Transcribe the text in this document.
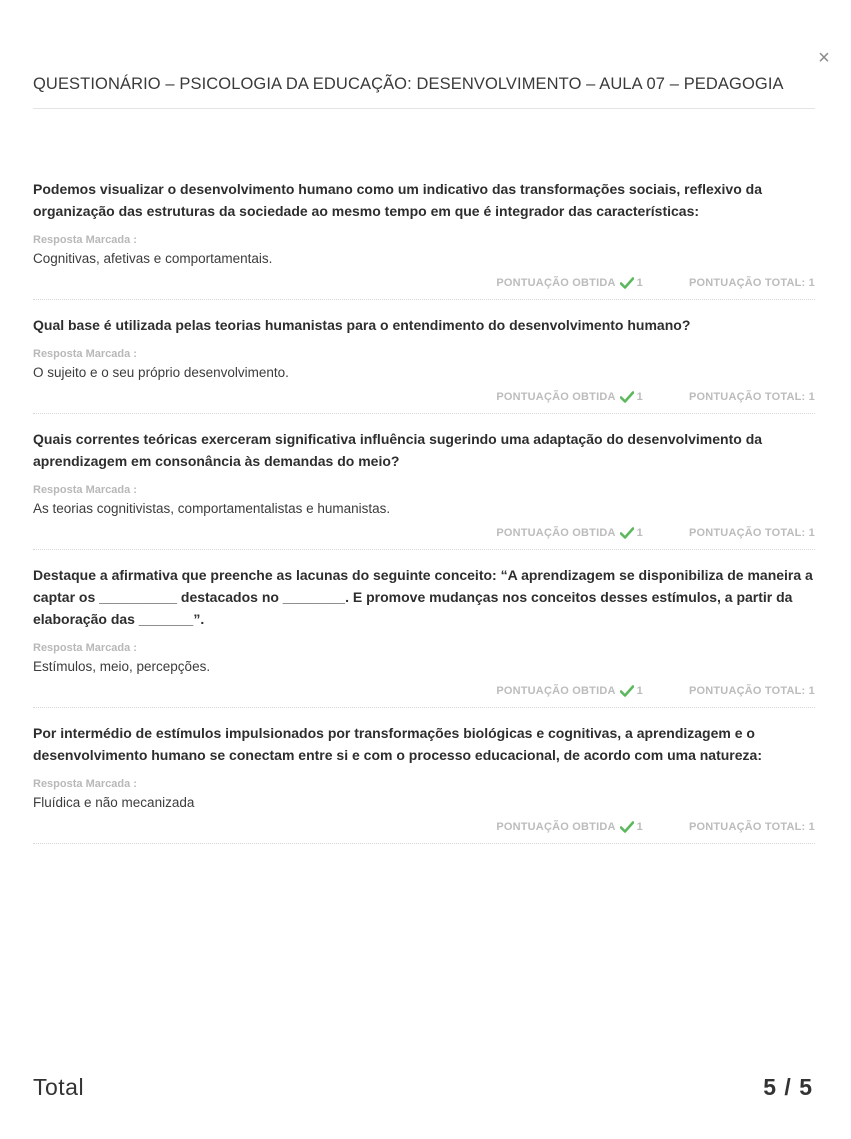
×
QUESTIONÁRIO – PSICOLOGIA DA EDUCAÇÃO: DESENVOLVIMENTO – AULA 07 – PEDAGOGIA
Podemos visualizar o desenvolvimento humano como um indicativo das transformações sociais, reflexivo da organização das estruturas da sociedade ao mesmo tempo em que é integrador das características:
Resposta Marcada :
Cognitivas, afetivas e comportamentais.
PONTUAÇÃO OBTIDA 1	PONTUAÇÃO TOTAL: 1
Qual base é utilizada pelas teorias humanistas para o entendimento do desenvolvimento humano?
Resposta Marcada :
O sujeito e o seu próprio desenvolvimento.
PONTUAÇÃO OBTIDA 1	PONTUAÇÃO TOTAL: 1
Quais correntes teóricas exerceram significativa influência sugerindo uma adaptação do desenvolvimento da aprendizagem em consonância às demandas do meio?
Resposta Marcada :
As teorias cognitivistas, comportamentalistas e humanistas.
PONTUAÇÃO OBTIDA 1	PONTUAÇÃO TOTAL: 1
Destaque a afirmativa que preenche as lacunas do seguinte conceito: “A aprendizagem se disponibiliza de maneira a captar os __________ destacados no ________. E promove mudanças nos conceitos desses estímulos, a partir da elaboração das _______”.
Resposta Marcada :
Estímulos, meio, percepções.
PONTUAÇÃO OBTIDA 1	PONTUAÇÃO TOTAL: 1
Por intermédio de estímulos impulsionados por transformações biológicas e cognitivas, a aprendizagem e o desenvolvimento humano se conectam entre si e com o processo educacional, de acordo com uma natureza:
Resposta Marcada :
Fluídica e não mecanizada
PONTUAÇÃO OBTIDA 1	PONTUAÇÃO TOTAL: 1
Total	5 / 5
